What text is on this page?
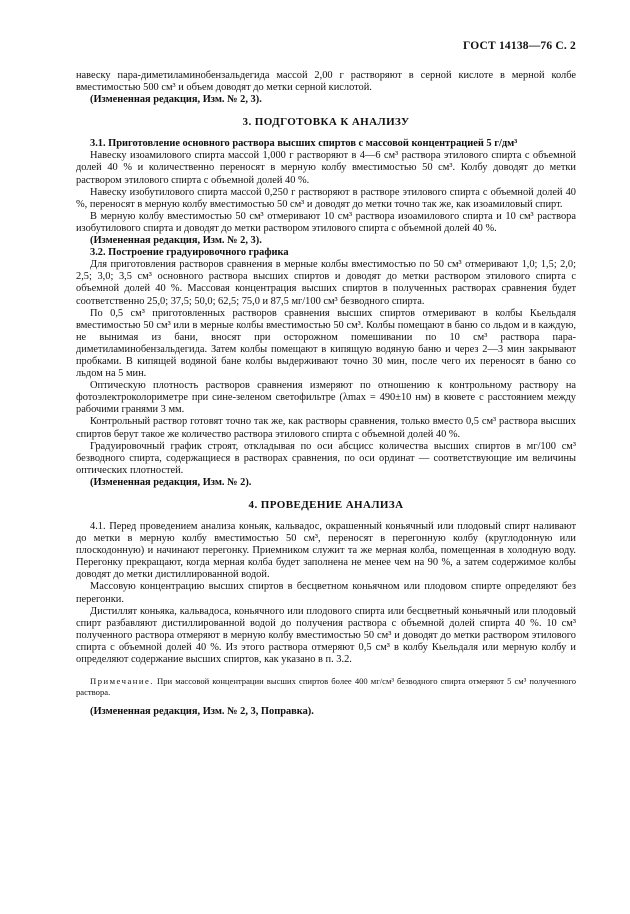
ГОСТ 14138—76 С. 2

навеску пара-диметиламинобензальдегида массой 2,00 г растворяют в серной кислоте в мерной колбе вместимостью 500 см³ и объем доводят до метки серной кислотой.

(Измененная редакция, Изм. № 2, 3).

3. ПОДГОТОВКА К АНАЛИЗУ

3.1. Приготовление основного раствора высших спиртов с массовой концентрацией 5 г/дм³

Навеску изоамилового спирта массой 1,000 г растворяют в 4—6 см³ раствора этилового спирта с объемной долей 40 % и количественно переносят в мерную колбу вместимостью 50 см³. Колбу доводят до метки раствором этилового спирта с объемной долей 40 %.

Навеску изобутилового спирта массой 0,250 г растворяют в растворе этилового спирта с объемной долей 40 %, переносят в мерную колбу вместимостью 50 см³ и доводят до метки точно так же, как изоамиловый спирт.

В мерную колбу вместимостью 50 см³ отмеривают 10 см³ раствора изоамилового спирта и 10 см³ раствора изобутилового спирта и доводят до метки раствором этилового спирта с объемной долей 40 %.

(Измененная редакция, Изм. № 2, 3).

3.2. Построение градуировочного графика

Для приготовления растворов сравнения в мерные колбы вместимостью по 50 см³ отмеривают 1,0; 1,5; 2,0; 2,5; 3,0; 3,5 см³ основного раствора высших спиртов и доводят до метки раствором этилового спирта с объемной долей 40 %. Массовая концентрация высших спиртов в полученных растворах сравнения будет соответственно 25,0; 37,5; 50,0; 62,5; 75,0 и 87,5 мг/100 см³ безводного спирта.

По 0,5 см³ приготовленных растворов сравнения высших спиртов отмеривают в колбы Кьельдаля вместимостью 50 см³ или в мерные колбы вместимостью 50 см³. Колбы помещают в баню со льдом и в каждую, не вынимая из бани, вносят при осторожном помешивании по 10 см³ раствора пара-диметиламинобензальдегида. Затем колбы помещают в кипящую водяную баню и через 2—3 мин закрывают пробками. В кипящей водяной бане колбы выдерживают точно 30 мин, после чего их переносят в баню со льдом на 5 мин.

Оптическую плотность растворов сравнения измеряют по отношению к контрольному раствору на фотоэлектроколориметре при сине-зеленом светофильтре (λmax = 490±10 нм) в кювете с расстоянием между рабочими гранями 3 мм.

Контрольный раствор готовят точно так же, как растворы сравнения, только вместо 0,5 см³ раствора высших спиртов берут такое же количество раствора этилового спирта с объемной долей 40 %.

Градуировочный график строят, откладывая по оси абсцисс количества высших спиртов в мг/100 см³ безводного спирта, содержащиеся в растворах сравнения, по оси ординат — соответствующие им величины оптических плотностей.

(Измененная редакция, Изм. № 2).

4. ПРОВЕДЕНИЕ АНАЛИЗА

4.1. Перед проведением анализа коньяк, кальвадос, окрашенный коньячный или плодовый спирт наливают до метки в мерную колбу вместимостью 50 см³, переносят в перегонную колбу (круглодонную или плоскодонную) и начинают перегонку. Приемником служит та же мерная колба, помещенная в холодную воду. Перегонку прекращают, когда мерная колба будет заполнена не менее чем на 90 %, а затем содержимое колбы доводят до метки дистиллированной водой.

Массовую концентрацию высших спиртов в бесцветном коньячном или плодовом спирте определяют без перегонки.

Дистиллят коньяка, кальвадоса, коньячного или плодового спирта или бесцветный коньячный или плодовый спирт разбавляют дистиллированной водой до получения раствора с объемной долей спирта 40 %. 10 см³ полученного раствора отмеряют в мерную колбу вместимостью 50 см³ и доводят до метки раствором этилового спирта с объемной долей 40 %. Из этого раствора отмеряют 0,5 см³ в колбу Кьельдаля или мерную колбу и определяют содержание высших спиртов, как указано в п. 3.2.

Примечание. При массовой концентрации высших спиртов более 400 мг/см³ безводного спирта отмеряют 5 см³ полученного раствора.

(Измененная редакция, Изм. № 2, 3, Поправка).
